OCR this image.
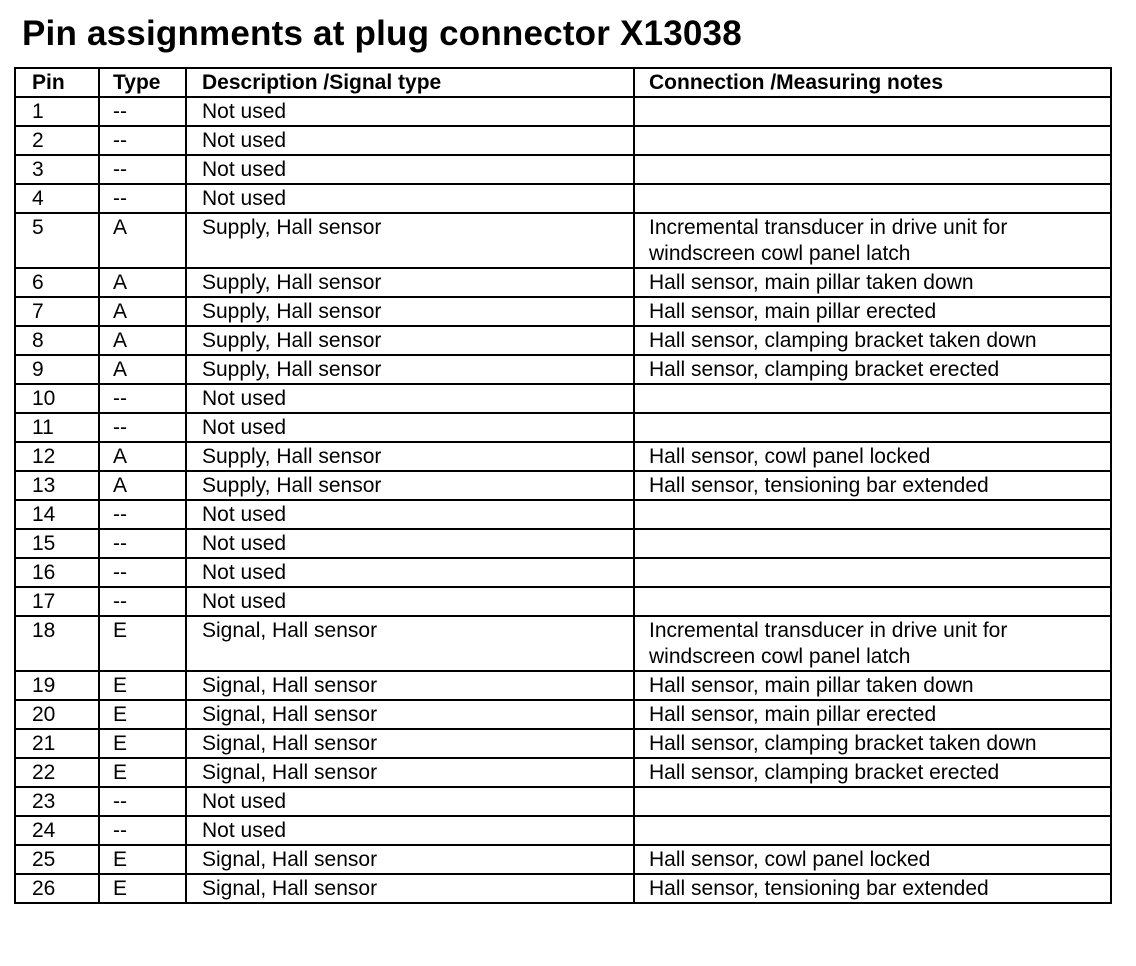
Pin assignments at plug connector X13038
Pin	Type	Description /Signal type	Connection /Measuring notes
1	--	Not used	
2	--	Not used	
3	--	Not used	
4	--	Not used	
5	A	Supply, Hall sensor	Incremental transducer in drive unit for windscreen cowl panel latch
6	A	Supply, Hall sensor	Hall sensor, main pillar taken down
7	A	Supply, Hall sensor	Hall sensor, main pillar erected
8	A	Supply, Hall sensor	Hall sensor, clamping bracket taken down
9	A	Supply, Hall sensor	Hall sensor, clamping bracket erected
10	--	Not used	
11	--	Not used	
12	A	Supply, Hall sensor	Hall sensor, cowl panel locked
13	A	Supply, Hall sensor	Hall sensor, tensioning bar extended
14	--	Not used	
15	--	Not used	
16	--	Not used	
17	--	Not used	
18	E	Signal, Hall sensor	Incremental transducer in drive unit for windscreen cowl panel latch
19	E	Signal, Hall sensor	Hall sensor, main pillar taken down
20	E	Signal, Hall sensor	Hall sensor, main pillar erected
21	E	Signal, Hall sensor	Hall sensor, clamping bracket taken down
22	E	Signal, Hall sensor	Hall sensor, clamping bracket erected
23	--	Not used	
24	--	Not used	
25	E	Signal, Hall sensor	Hall sensor, cowl panel locked
26	E	Signal, Hall sensor	Hall sensor, tensioning bar extended
